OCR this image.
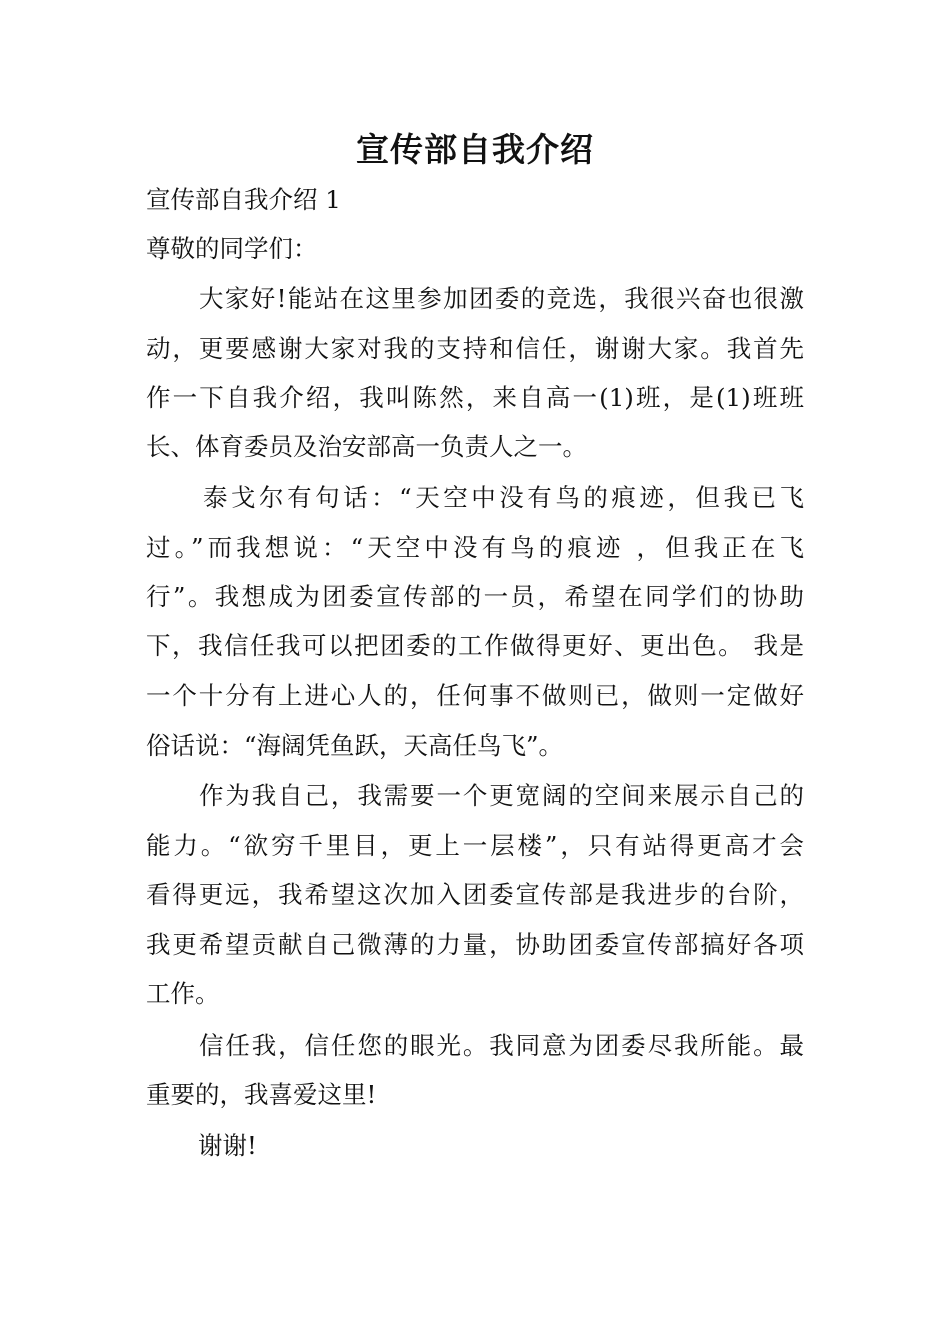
宣传部自我介绍
宣传部自我介绍 1
尊敬的同学们：
大家好!能站在这里参加团委的竞选，我很兴奋也很激
动，更要感谢大家对我的支持和信任，谢谢大家。我首先
作一下自我介绍，我叫陈然，来自高一(1)班，是(1)班班
长、体育委员及治安部高一负责人之一。
泰戈尔有句话：“天空中没有鸟的痕迹，但我已飞
过。”而我想说：“天空中没有鸟的痕迹 ，但我正在飞
行”。我想成为团委宣传部的一员，希望在同学们的协助
下，我信任我可以把团委的工作做得更好、更出色。 我是
一个十分有上进心人的，任何事不做则已，做则一定做好
俗话说：“海阔凭鱼跃，天高任鸟飞”。
作为我自己，我需要一个更宽阔的空间来展示自己的
能力。“欲穷千里目，更上一层楼”，只有站得更高才会
看得更远，我希望这次加入团委宣传部是我进步的台阶，
我更希望贡献自己微薄的力量，协助团委宣传部搞好各项
工作。
信任我，信任您的眼光。我同意为团委尽我所能。最
重要的，我喜爱这里!
谢谢!
